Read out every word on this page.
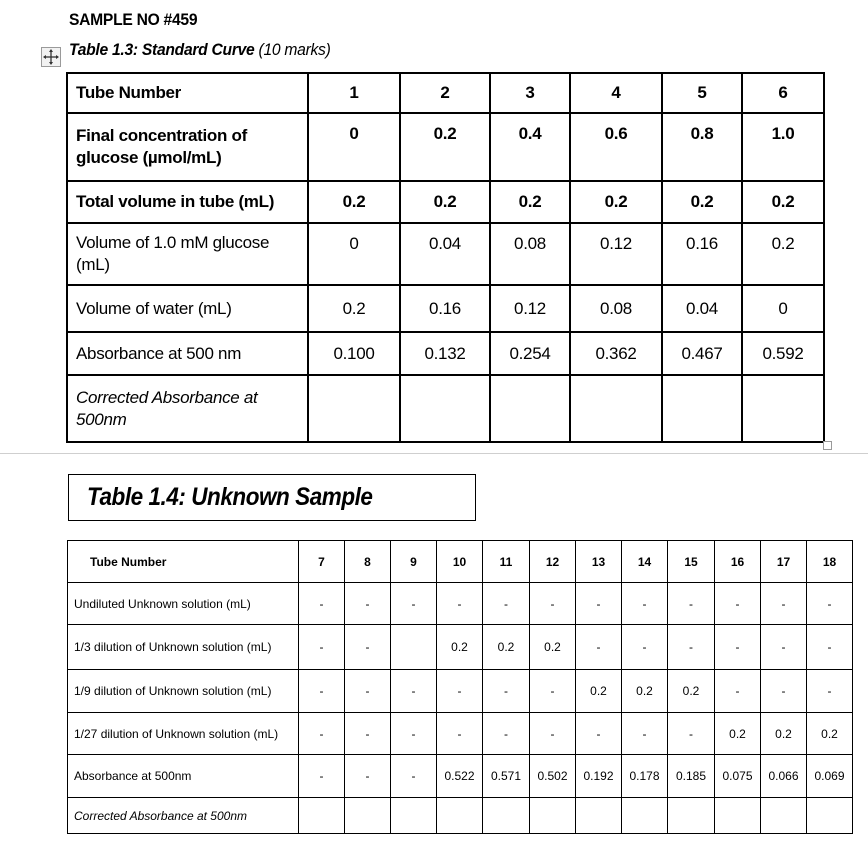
SAMPLE NO #459
Table 1.3: Standard Curve (10 marks)
Tube Number	1	2	3	4	5	6
Final concentration of glucose (µmol/mL)	0	0.2	0.4	0.6	0.8	1.0
Total volume in tube (mL)	0.2	0.2	0.2	0.2	0.2	0.2
Volume of 1.0 mM glucose (mL)	0	0.04	0.08	0.12	0.16	0.2
Volume of water (mL)	0.2	0.16	0.12	0.08	0.04	0
Absorbance at 500 nm	0.100	0.132	0.254	0.362	0.467	0.592
Corrected Absorbance at 500nm						
Table 1.4: Unknown Sample
Tube Number	7	8	9	10	11	12	13	14	15	16	17	18
Undiluted Unknown solution (mL)	-	-	-	-	-	-	-	-	-	-	-	-
1/3 dilution of Unknown solution (mL)	-	-		0.2	0.2	0.2	-	-	-	-	-	-
1/9 dilution of Unknown solution (mL)	-	-	-	-	-	-	0.2	0.2	0.2	-	-	-
1/27 dilution of Unknown solution (mL)	-	-	-	-	-	-	-	-	-	0.2	0.2	0.2
Absorbance at 500nm	-	-	-	0.522	0.571	0.502	0.192	0.178	0.185	0.075	0.066	0.069
Corrected Absorbance at 500nm												
